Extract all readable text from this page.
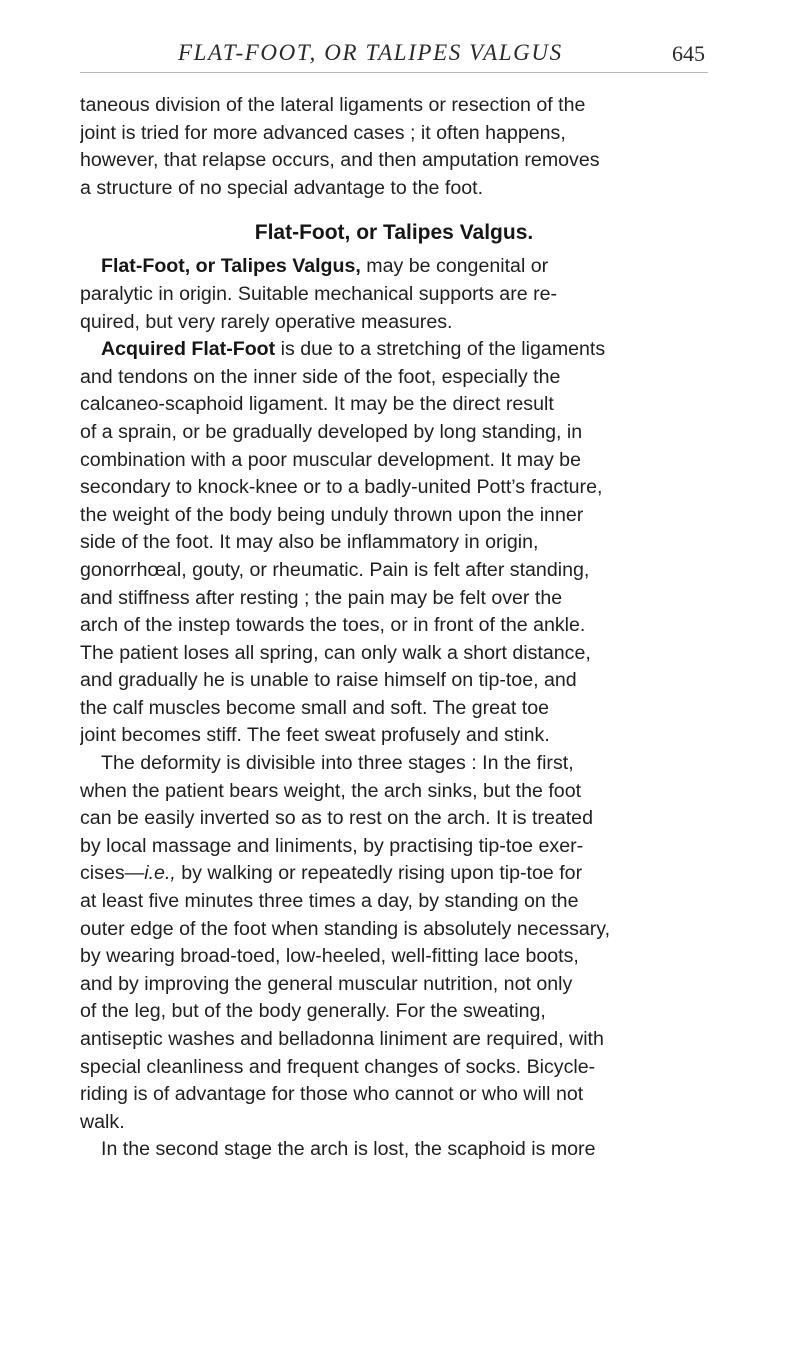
FLAT-FOOT, OR TALIPES VALGUS	645
taneous division of the lateral ligaments or resection of the
joint is tried for more advanced cases ; it often happens,
however, that relapse occurs, and then amputation removes
a structure of no special advantage to the foot.
Flat-Foot, or Talipes Valgus.
Flat-Foot, or Talipes Valgus, may be congenital or
paralytic in origin. Suitable mechanical supports are re-
quired, but very rarely operative measures.
Acquired Flat-Foot is due to a stretching of the ligaments
and tendons on the inner side of the foot, especially the
calcaneo-scaphoid ligament. It may be the direct result
of a sprain, or be gradually developed by long standing, in
combination with a poor muscular development. It may be
secondary to knock-knee or to a badly-united Pott’s fracture,
the weight of the body being unduly thrown upon the inner
side of the foot. It may also be inflammatory in origin,
gonorrhœal, gouty, or rheumatic. Pain is felt after standing,
and stiffness after resting ; the pain may be felt over the
arch of the instep towards the toes, or in front of the ankle.
The patient loses all spring, can only walk a short distance,
and gradually he is unable to raise himself on tip-toe, and
the calf muscles become small and soft. The great toe
joint becomes stiff. The feet sweat profusely and stink.
The deformity is divisible into three stages : In the first,
when the patient bears weight, the arch sinks, but the foot
can be easily inverted so as to rest on the arch. It is treated
by local massage and liniments, by practising tip-toe exer-
cises—i.e., by walking or repeatedly rising upon tip-toe for
at least five minutes three times a day, by standing on the
outer edge of the foot when standing is absolutely necessary,
by wearing broad-toed, low-heeled, well-fitting lace boots,
and by improving the general muscular nutrition, not only
of the leg, but of the body generally. For the sweating,
antiseptic washes and belladonna liniment are required, with
special cleanliness and frequent changes of socks. Bicycle-
riding is of advantage for those who cannot or who will not
walk.
In the second stage the arch is lost, the scaphoid is more
